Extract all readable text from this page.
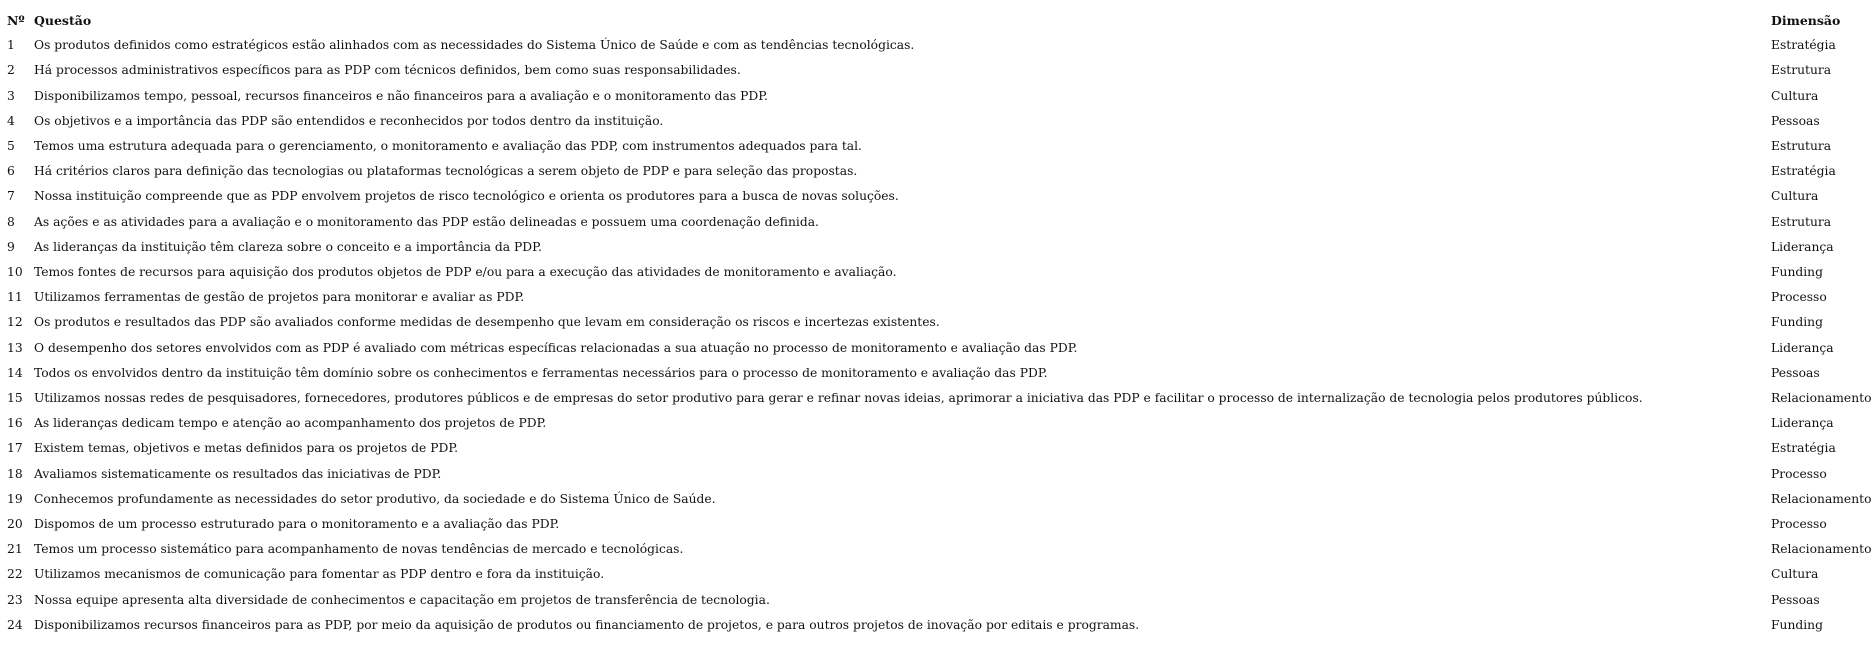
Nº	Questão	Dimensão
1	Os produtos definidos como estratégicos estão alinhados com as necessidades do Sistema Único de Saúde e com as tendências tecnológicas.	Estratégia
2	Há processos administrativos específicos para as PDP com técnicos definidos, bem como suas responsabilidades.	Estrutura
3	Disponibilizamos tempo, pessoal, recursos financeiros e não financeiros para a avaliação e o monitoramento das PDP.	Cultura
4	Os objetivos e a importância das PDP são entendidos e reconhecidos por todos dentro da instituição.	Pessoas
5	Temos uma estrutura adequada para o gerenciamento, o monitoramento e avaliação das PDP, com instrumentos adequados para tal.	Estrutura
6	Há critérios claros para definição das tecnologias ou plataformas tecnológicas a serem objeto de PDP e para seleção das propostas.	Estratégia
7	Nossa instituição compreende que as PDP envolvem projetos de risco tecnológico e orienta os produtores para a busca de novas soluções.	Cultura
8	As ações e as atividades para a avaliação e o monitoramento das PDP estão delineadas e possuem uma coordenação definida.	Estrutura
9	As lideranças da instituição têm clareza sobre o conceito e a importância da PDP.	Liderança
10	Temos fontes de recursos para aquisição dos produtos objetos de PDP e/ou para a execução das atividades de monitoramento e avaliação.	Funding
11	Utilizamos ferramentas de gestão de projetos para monitorar e avaliar as PDP.	Processo
12	Os produtos e resultados das PDP são avaliados conforme medidas de desempenho que levam em consideração os riscos e incertezas existentes.	Funding
13	O desempenho dos setores envolvidos com as PDP é avaliado com métricas específicas relacionadas a sua atuação no processo de monitoramento e avaliação das PDP.	Liderança
14	Todos os envolvidos dentro da instituição têm domínio sobre os conhecimentos e ferramentas necessários para o processo de monitoramento e avaliação das PDP.	Pessoas
15	Utilizamos nossas redes de pesquisadores, fornecedores, produtores públicos e de empresas do setor produtivo para gerar e refinar novas ideias, aprimorar a iniciativa das PDP e facilitar o processo de internalização de tecnologia pelos produtores públicos.	Relacionamento
16	As lideranças dedicam tempo e atenção ao acompanhamento dos projetos de PDP.	Liderança
17	Existem temas, objetivos e metas definidos para os projetos de PDP.	Estratégia
18	Avaliamos sistematicamente os resultados das iniciativas de PDP.	Processo
19	Conhecemos profundamente as necessidades do setor produtivo, da sociedade e do Sistema Único de Saúde.	Relacionamento
20	Dispomos de um processo estruturado para o monitoramento e a avaliação das PDP.	Processo
21	Temos um processo sistemático para acompanhamento de novas tendências de mercado e tecnológicas.	Relacionamento
22	Utilizamos mecanismos de comunicação para fomentar as PDP dentro e fora da instituição.	Cultura
23	Nossa equipe apresenta alta diversidade de conhecimentos e capacitação em projetos de transferência de tecnologia.	Pessoas
24	Disponibilizamos recursos financeiros para as PDP, por meio da aquisição de produtos ou financiamento de projetos, e para outros projetos de inovação por editais e programas.	Funding
